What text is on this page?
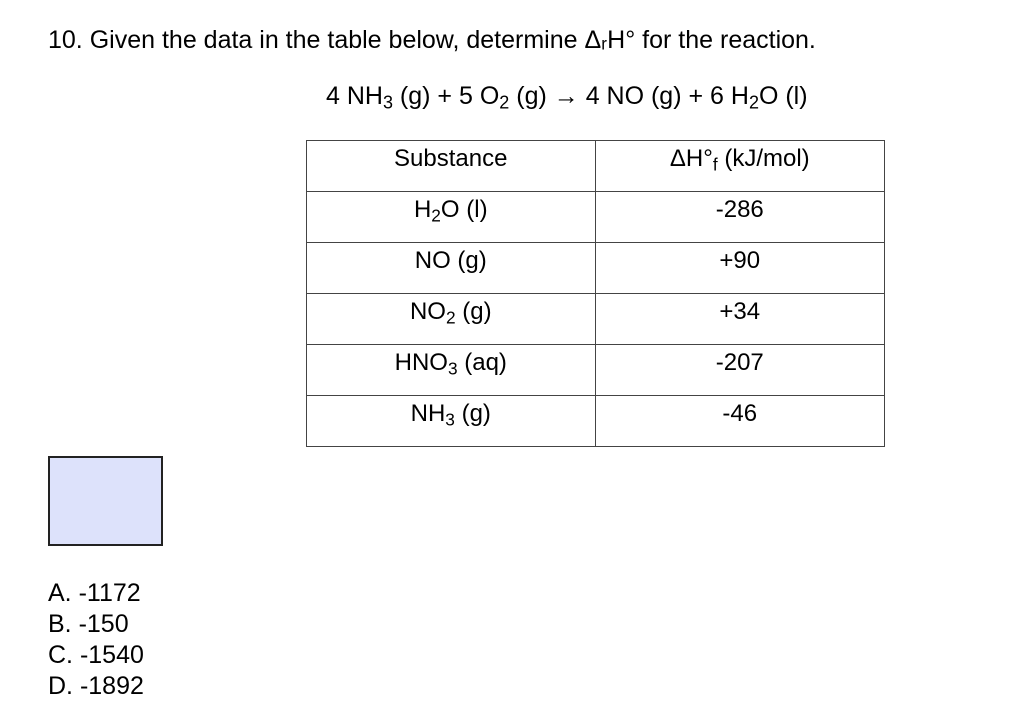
10. Given the data in the table below, determine ΔᵣH° for the reaction.
4 $NH_3$ (g) + 5 $O_2$ (g) → 4 NO (g) + 6 $H_2O$ (l)
Substance	$\Delta H^\circ_f$ (kJ/mol)
$H_2O$ (l)	-286
NO (g)	+90
$NO_2$ (g)	+34
$HNO_3$ (aq)	-207
$NH_3$ (g)	-46
A. -1172
B. -150
C. -1540
D. -1892
